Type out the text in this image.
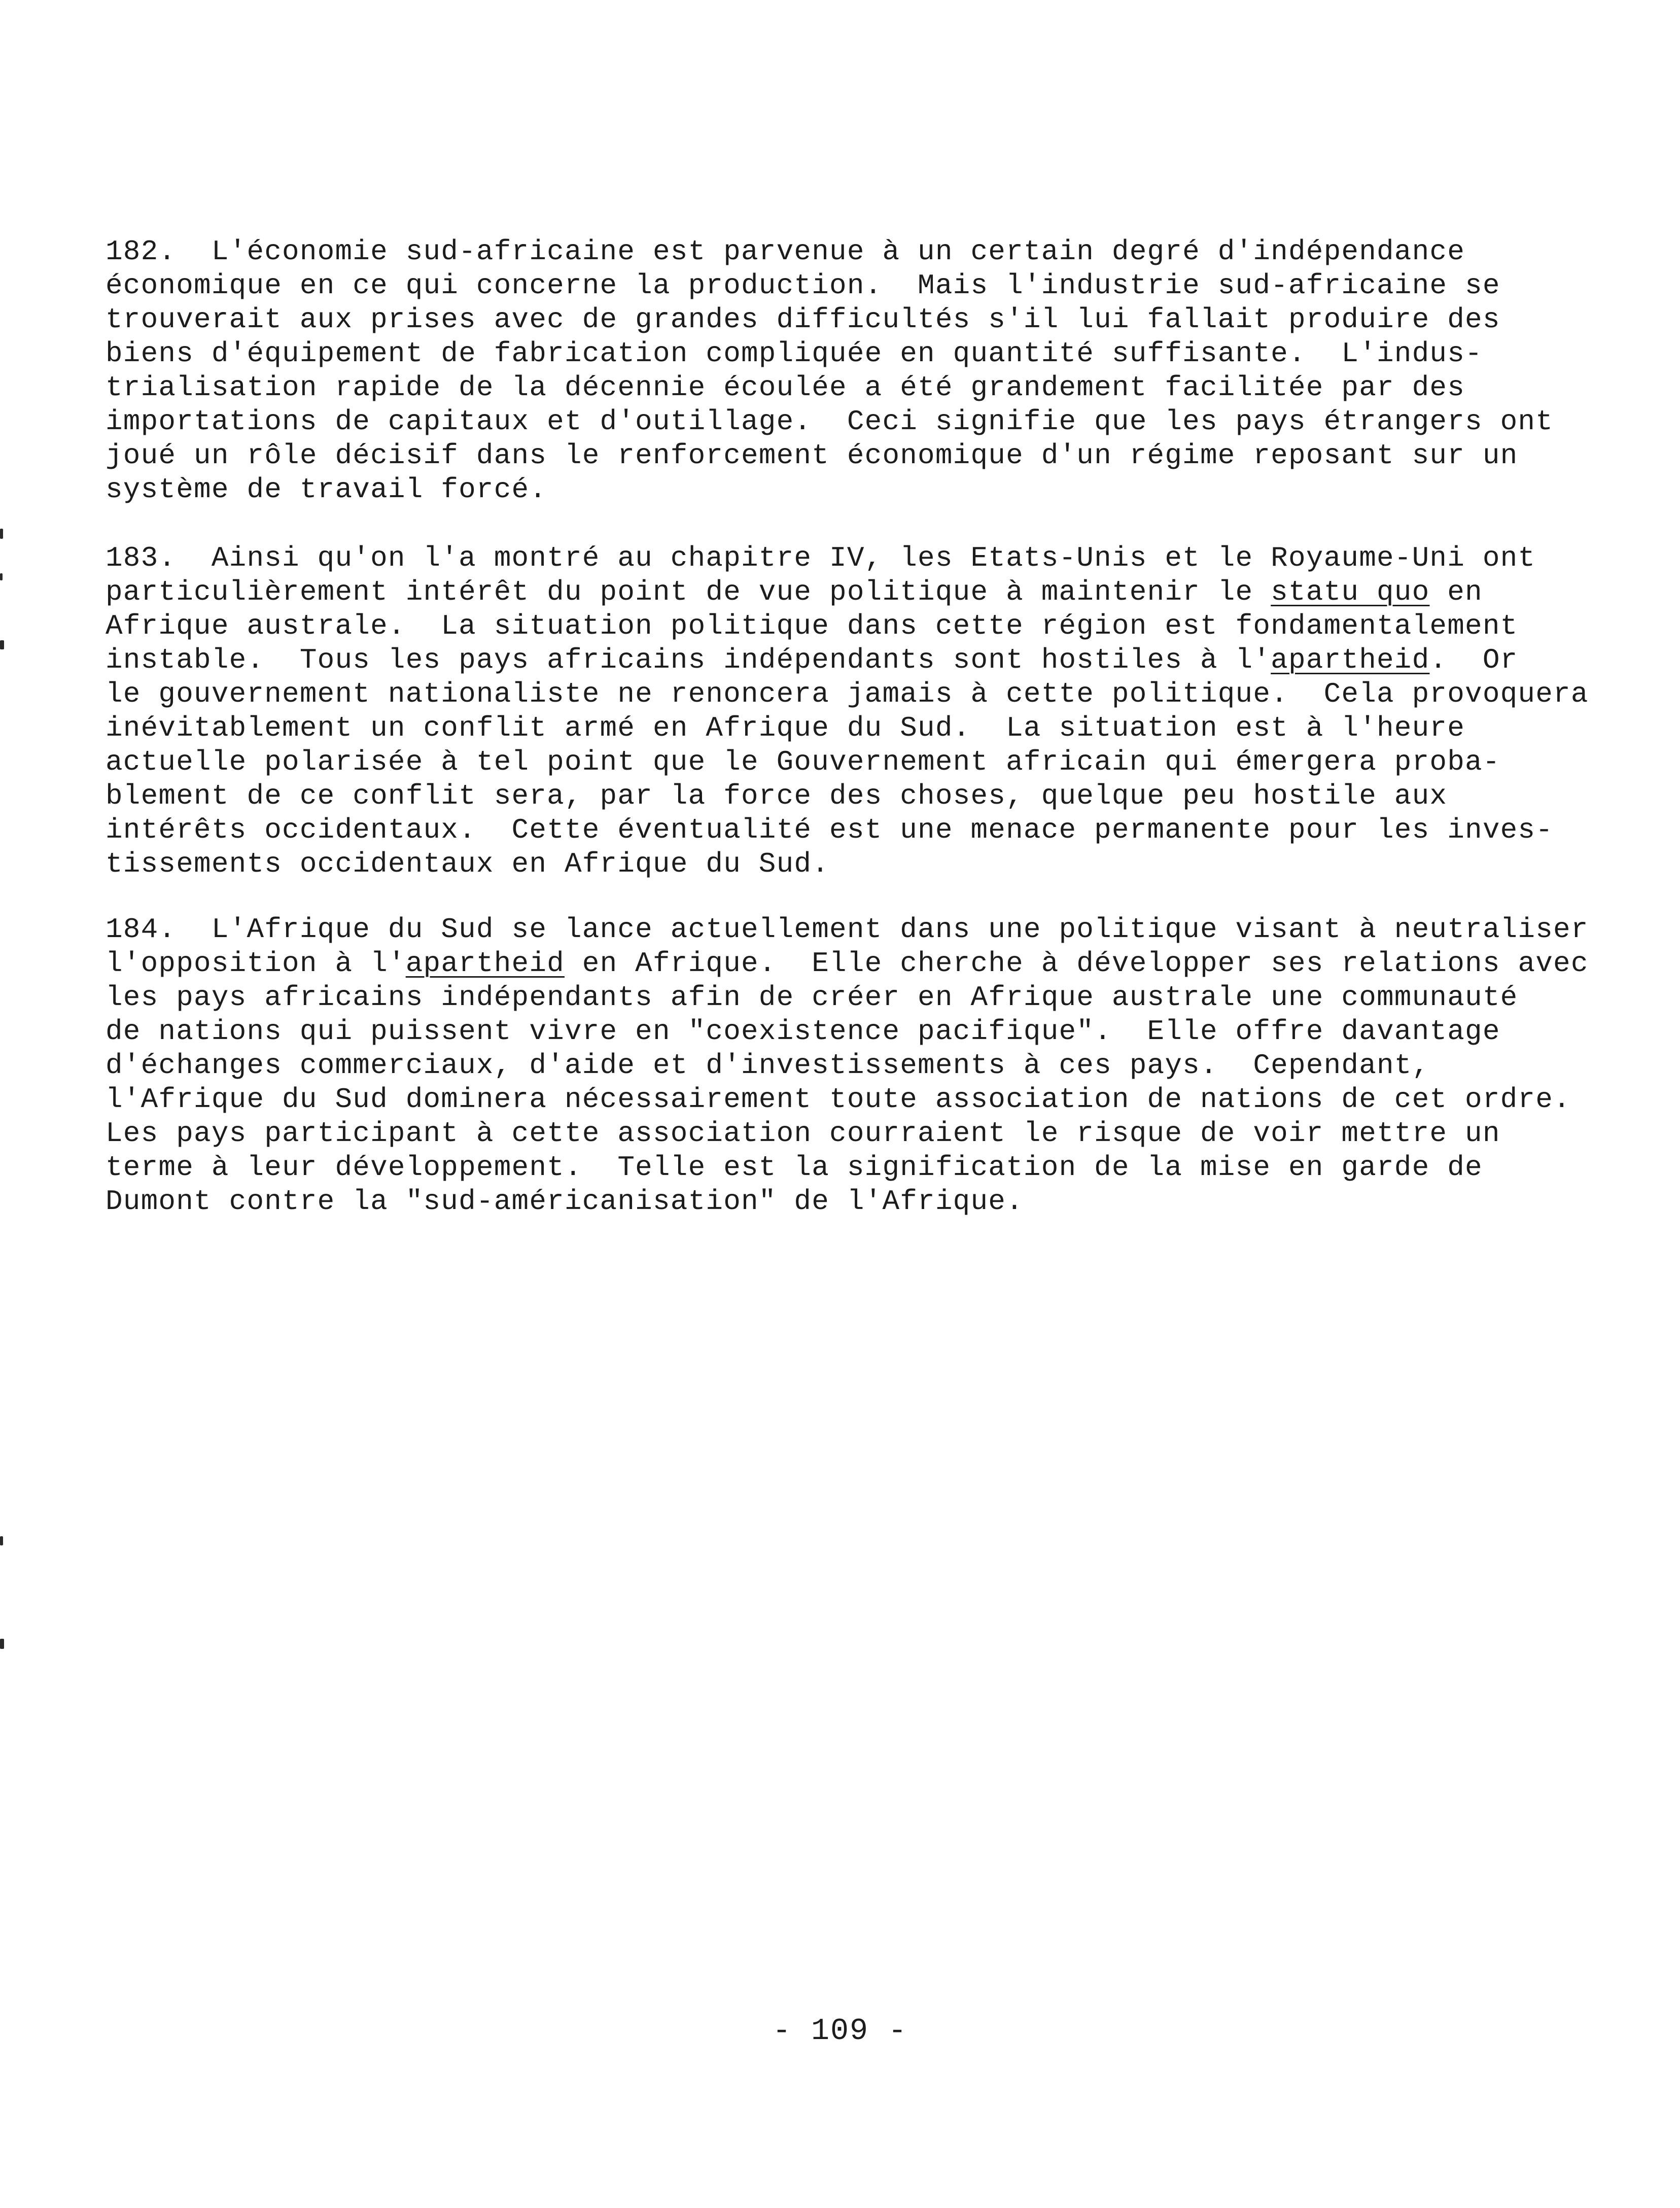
182.  L'économie sud-africaine est parvenue à un certain degré d'indépendance
économique en ce qui concerne la production.  Mais l'industrie sud-africaine se
trouverait aux prises avec de grandes difficultés s'il lui fallait produire des
biens d'équipement de fabrication compliquée en quantité suffisante.  L'indus-
trialisation rapide de la décennie écoulée a été grandement facilitée par des
importations de capitaux et d'outillage.  Ceci signifie que les pays étrangers ont
joué un rôle décisif dans le renforcement économique d'un régime reposant sur un
système de travail forcé.
183.  Ainsi qu'on l'a montré au chapitre IV, les Etats-Unis et le Royaume-Uni ont
particulièrement intérêt du point de vue politique à maintenir le statu quo en
Afrique australe.  La situation politique dans cette région est fondamentalement
instable.  Tous les pays africains indépendants sont hostiles à l'apartheid.  Or
le gouvernement nationaliste ne renoncera jamais à cette politique.  Cela provoquera
inévitablement un conflit armé en Afrique du Sud.  La situation est à l'heure
actuelle polarisée à tel point que le Gouvernement africain qui émergera proba-
blement de ce conflit sera, par la force des choses, quelque peu hostile aux
intérêts occidentaux.  Cette éventualité est une menace permanente pour les inves-
tissements occidentaux en Afrique du Sud.
184.  L'Afrique du Sud se lance actuellement dans une politique visant à neutraliser
l'opposition à l'apartheid en Afrique.  Elle cherche à développer ses relations avec
les pays africains indépendants afin de créer en Afrique australe une communauté
de nations qui puissent vivre en "coexistence pacifique".  Elle offre davantage
d'échanges commerciaux, d'aide et d'investissements à ces pays.  Cependant,
l'Afrique du Sud dominera nécessairement toute association de nations de cet ordre.
Les pays participant à cette association courraient le risque de voir mettre un
terme à leur développement.  Telle est la signification de la mise en garde de
Dumont contre la "sud-américanisation" de l'Afrique.
- 109 -
